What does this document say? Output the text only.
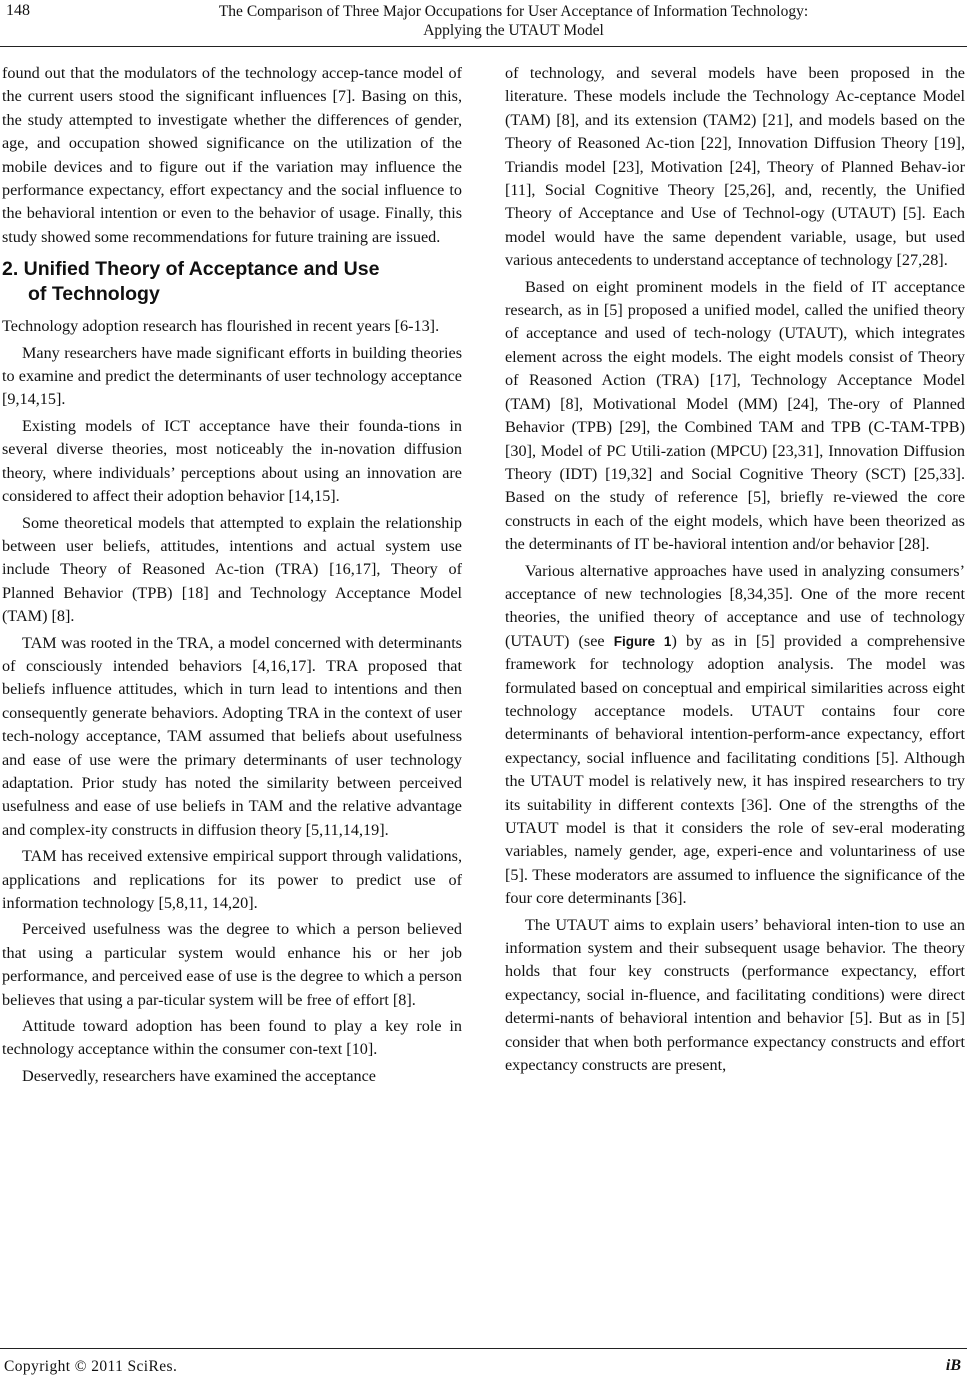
148	The Comparison of Three Major Occupations for User Acceptance of Information Technology:
Applying the UTAUT Model

found out that the modulators of the technology accep-tance model of the current users stood the significant influences [7]. Basing on this, the study attempted to investigate whether the differences of gender, age, and occupation showed significance on the utilization of the mobile devices and to figure out if the variation may influence the performance expectancy, effort expectancy and the social influence to the behavioral intention or even to the behavior of usage. Finally, this study showed some recommendations for future training are issued.

2. Unified Theory of Acceptance and Use
of Technology

Technology adoption research has flourished in recent years [6-13].

Many researchers have made significant efforts in building theories to examine and predict the determinants of user technology acceptance [9,14,15].

Existing models of ICT acceptance have their founda-tions in several diverse theories, most noticeably the in-novation diffusion theory, where individuals’ perceptions about using an innovation are considered to affect their adoption behavior [14,15].

Some theoretical models that attempted to explain the relationship between user beliefs, attitudes, intentions and actual system use include Theory of Reasoned Ac-tion (TRA) [16,17], Theory of Planned Behavior (TPB) [18] and Technology Acceptance Model (TAM) [8].

TAM was rooted in the TRA, a model concerned with determinants of consciously intended behaviors [4,16,17]. TRA proposed that beliefs influence attitudes, which in turn lead to intentions and then consequently generate behaviors. Adopting TRA in the context of user tech-nology acceptance, TAM assumed that beliefs about usefulness and ease of use were the primary determinants of user technology adaptation. Prior study has noted the similarity between perceived usefulness and ease of use beliefs in TAM and the relative advantage and complex-ity constructs in diffusion theory [5,11,14,19].

TAM has received extensive empirical support through validations, applications and replications for its power to predict use of information technology [5,8,11, 14,20].

Perceived usefulness was the degree to which a person believed that using a particular system would enhance his or her job performance, and perceived ease of use is the degree to which a person believes that using a par-ticular system will be free of effort [8].

Attitude toward adoption has been found to play a key role in technology acceptance within the consumer con-text [10].

Deservedly, researchers have examined the acceptance

of technology, and several models have been proposed in the literature. These models include the Technology Ac-ceptance Model (TAM) [8], and its extension (TAM2) [21], and models based on the Theory of Reasoned Ac-tion [22], Innovation Diffusion Theory [19], Triandis model [23], Motivation [24], Theory of Planned Behav-ior [11], Social Cognitive Theory [25,26], and, recently, the Unified Theory of Acceptance and Use of Technol-ogy (UTAUT) [5]. Each model would have the same dependent variable, usage, but used various antecedents to understand acceptance of technology [27,28].

Based on eight prominent models in the field of IT acceptance research, as in [5] proposed a unified model, called the unified theory of acceptance and used of tech-nology (UTAUT), which integrates element across the eight models. The eight models consist of Theory of Reasoned Action (TRA) [17], Technology Acceptance Model (TAM) [8], Motivational Model (MM) [24], The-ory of Planned Behavior (TPB) [29], the Combined TAM and TPB (C-TAM-TPB) [30], Model of PC Utili-zation (MPCU) [23,31], Innovation Diffusion Theory (IDT) [19,32] and Social Cognitive Theory (SCT) [25,33]. Based on the study of reference [5], briefly re-viewed the core constructs in each of the eight models, which have been theorized as the determinants of IT be-havioral intention and/or behavior [28].

Various alternative approaches have used in analyzing consumers’ acceptance of new technologies [8,34,35]. One of the more recent theories, the unified theory of acceptance and use of technology (UTAUT) (see Figure 1) by as in [5] provided a comprehensive framework for technology adoption analysis. The model was formulated based on conceptual and empirical similarities across eight technology acceptance models. UTAUT contains four core determinants of behavioral intention-perform-ance expectancy, effort expectancy, social influence and facilitating conditions [5]. Although the UTAUT model is relatively new, it has inspired researchers to try its suitability in different contexts [36]. One of the strengths of the UTAUT model is that it considers the role of sev-eral moderating variables, namely gender, age, experi-ence and voluntariness of use [5]. These moderators are assumed to influence the significance of the four core determinants [36].

The UTAUT aims to explain users’ behavioral inten-tion to use an information system and their subsequent usage behavior. The theory holds that four key constructs (performance expectancy, effort expectancy, social in-fluence, and facilitating conditions) were direct determi-nants of behavioral intention and behavior [5]. But as in [5] consider that when both performance expectancy constructs and effort expectancy constructs are present,

Copyright © 2011 SciRes.	iB
